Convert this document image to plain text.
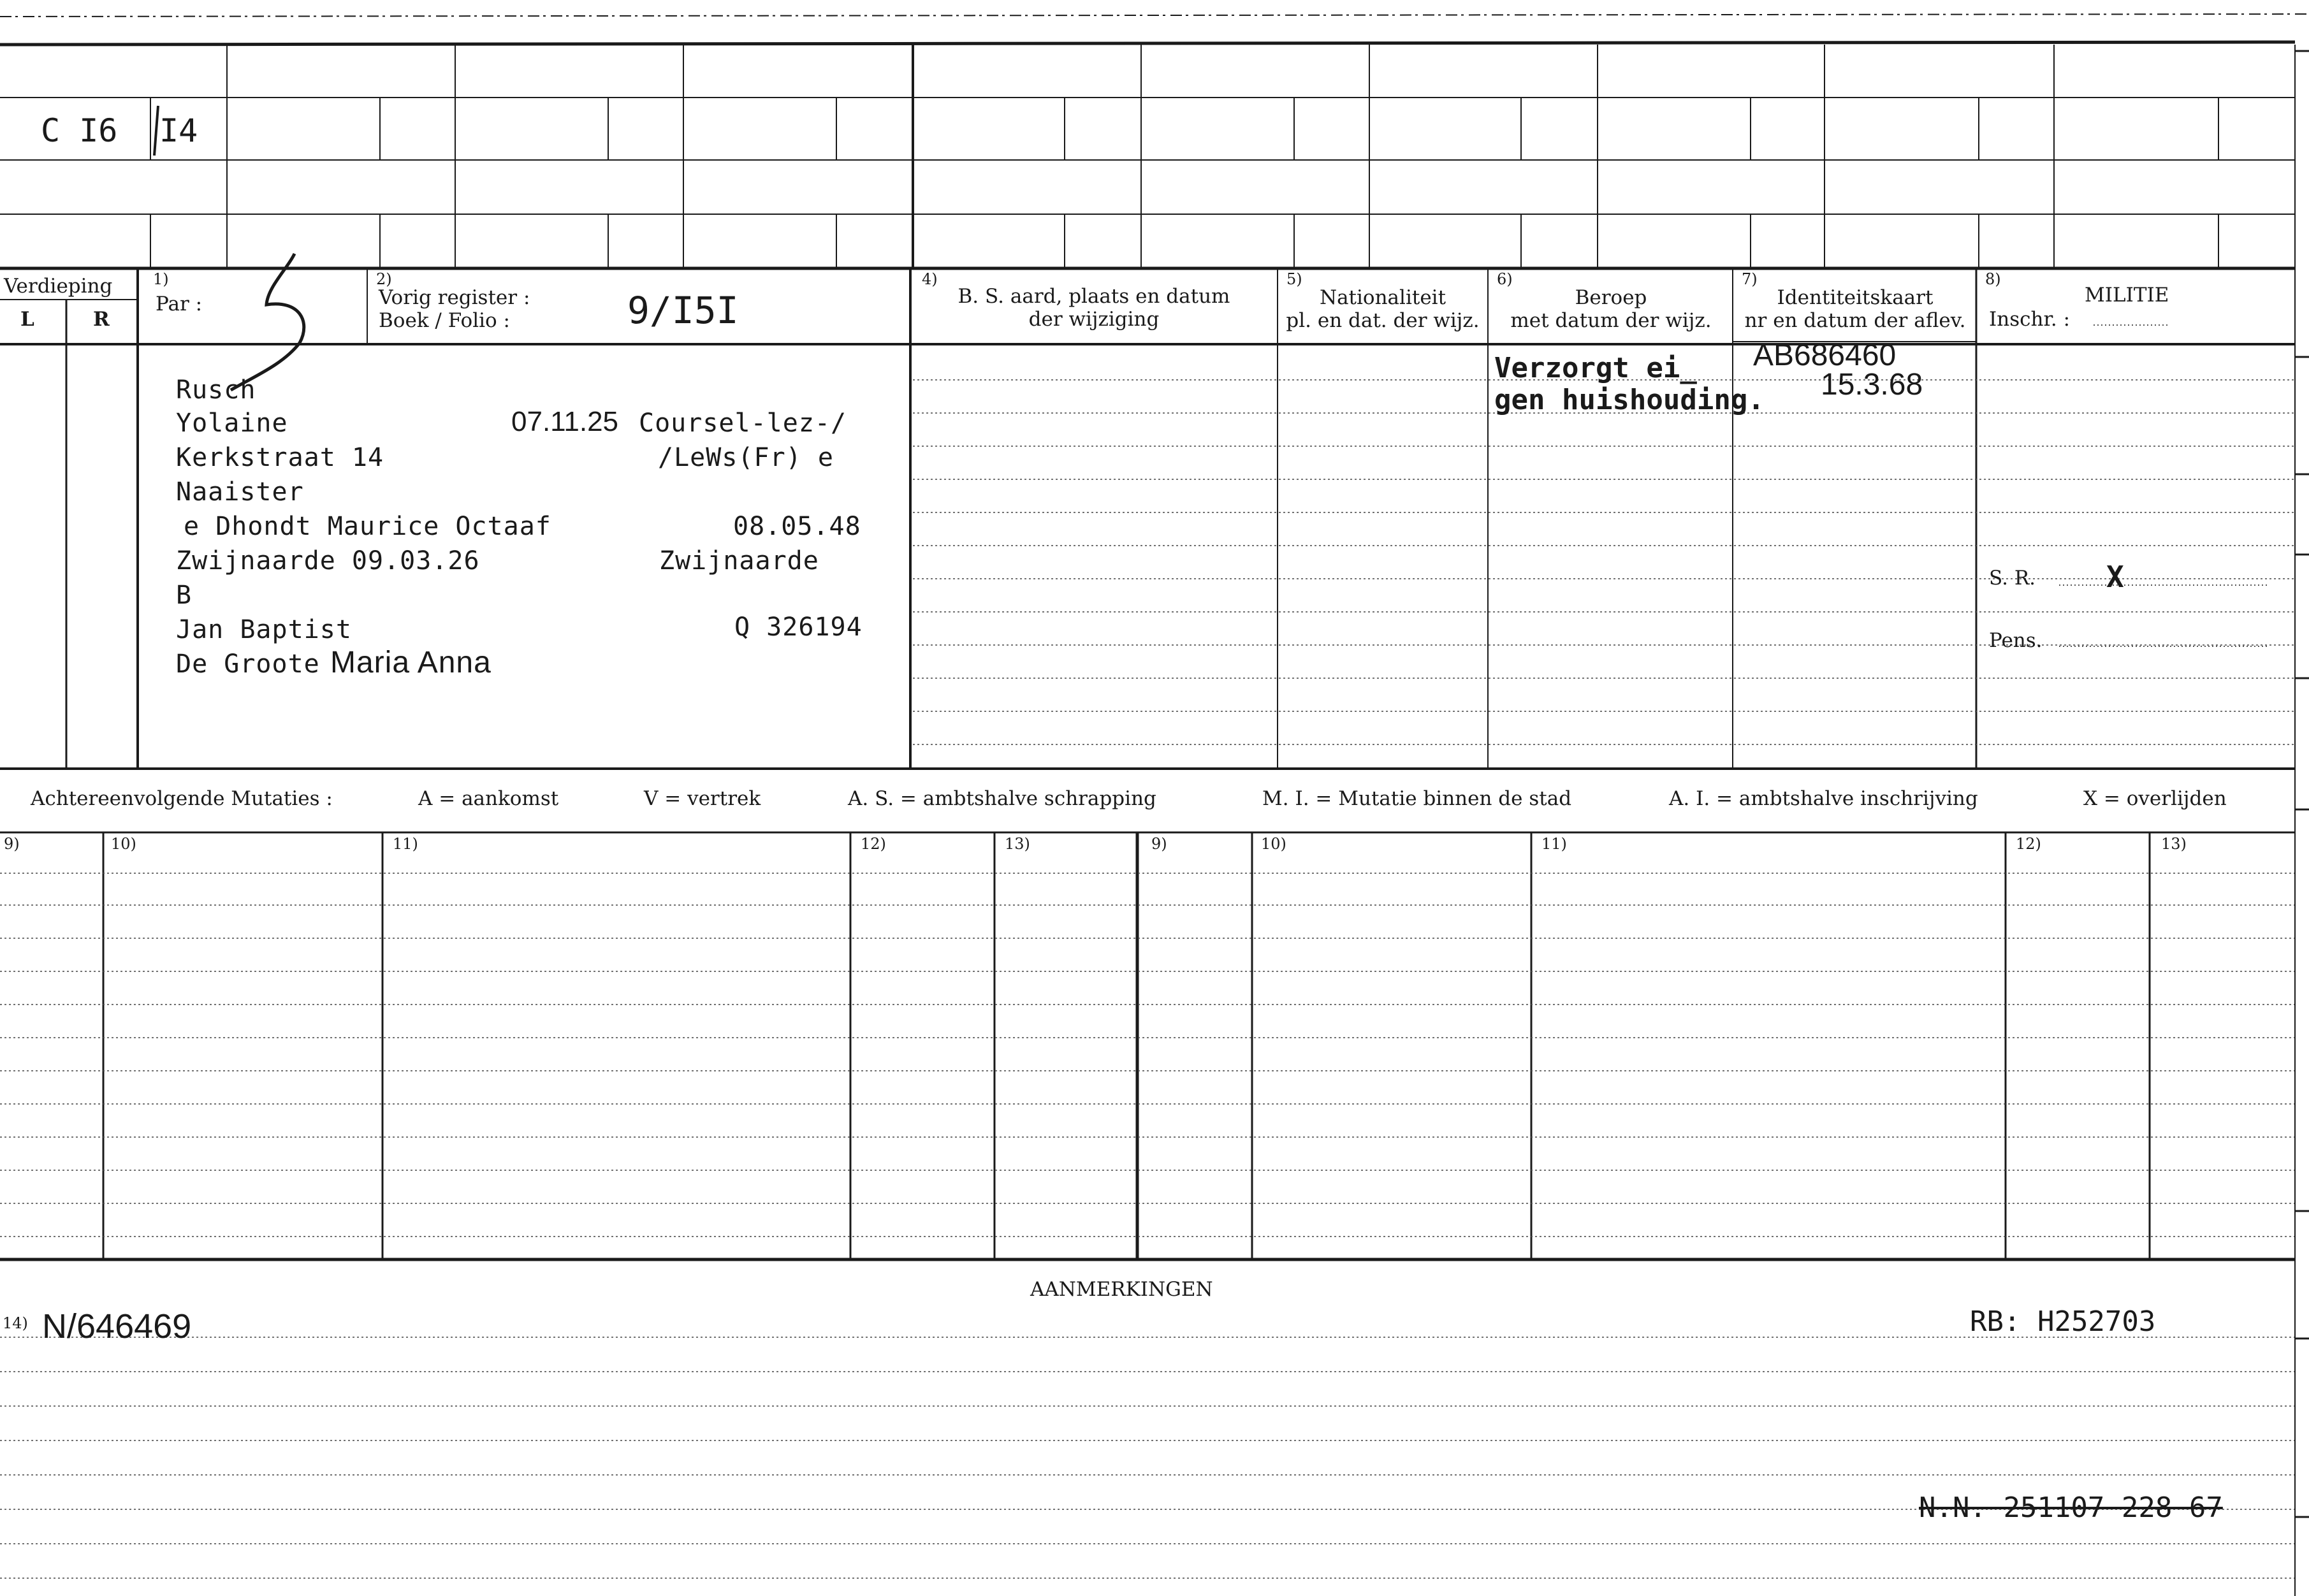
C I6 I4
Verdieping
L	R
1)
Par :
2)
Vorig register :
Boek / Folio :	9/I5I
4)
B. S. aard, plaats en datum
der wijziging
5)
Nationaliteit
pl. en dat. der wijz.
6)
Beroep
met datum der wijz.
7)
Identiteitskaart
nr en datum der aflev.
8)
MILITIE
Inschr. :
S. R. X
Pens.
Rusch
Yolaine	07.11.25 Coursel-lez-/
Kerkstraat 14	/LeWs(Fr) e
Naaister
e Dhondt Maurice Octaaf	08.05.48
Zwijnaarde 09.03.26	Zwijnaarde
B
Jan Baptist	Q 326194
De Groote Maria Anna
Verzorgt ei_
gen huishouding.
AB686460
15.3.68
Achtereenvolgende Mutaties :	A = aankomst	V = vertrek	A. S. = ambtshalve schrapping	M. I. = Mutatie binnen de stad	A. I. = ambtshalve inschrijving	X = overlijden
9)	10)	11)	12)	13)	9)	10)	11)	12)	13)
AANMERKINGEN
14) N/646469	RB: H252703
N.N. 251107 228 67
